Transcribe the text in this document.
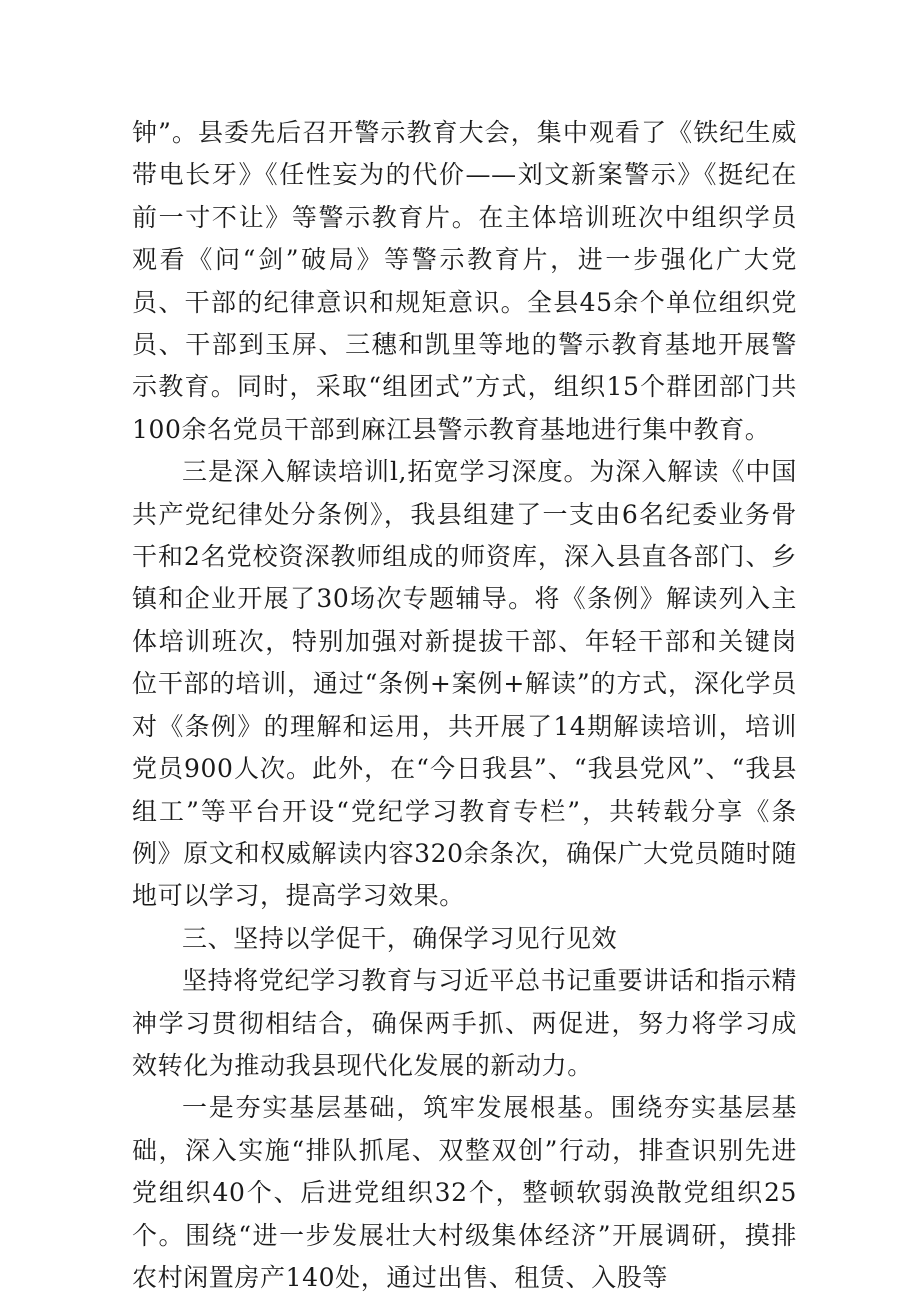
钟”。县委先后召开警示教育大会，集中观看了《铁纪生威带电长牙》《任性妄为的代价——刘文新案警示》《挺纪在前一寸不让》等警示教育片。在主体培训班次中组织学员观看《问“剑”破局》等警示教育片，进一步强化广大党员、干部的纪律意识和规矩意识。全县45余个单位组织党员、干部到玉屏、三穗和凯里等地的警示教育基地开展警示教育。同时，采取“组团式”方式，组织15个群团部门共100余名党员干部到麻江县警示教育基地进行集中教育。

三是深入解读培训l,拓宽学习深度。为深入解读《中国共产党纪律处分条例》，我县组建了一支由6名纪委业务骨干和2名党校资深教师组成的师资库，深入县直各部门、乡镇和企业开展了30场次专题辅导。将《条例》解读列入主体培训班次，特别加强对新提拔干部、年轻干部和关键岗位干部的培训，通过“条例+案例+解读”的方式，深化学员对《条例》的理解和运用，共开展了14期解读培训，培训党员900人次。此外，在“今日我县”、“我县党风”、“我县组工”等平台开设“党纪学习教育专栏”，共转载分享《条例》原文和权威解读内容320余条次，确保广大党员随时随地可以学习，提高学习效果。

三、坚持以学促干，确保学习见行见效

坚持将党纪学习教育与习近平总书记重要讲话和指示精神学习贯彻相结合，确保两手抓、两促进，努力将学习成效转化为推动我县现代化发展的新动力。

一是夯实基层基础，筑牢发展根基。围绕夯实基层基础，深入实施“排队抓尾、双整双创”行动，排查识别先进党组织40个、后进党组织32个，整顿软弱涣散党组织25个。围绕“进一步发展壮大村级集体经济”开展调研，摸排农村闲置房产140处，通过出售、租赁、入股等
